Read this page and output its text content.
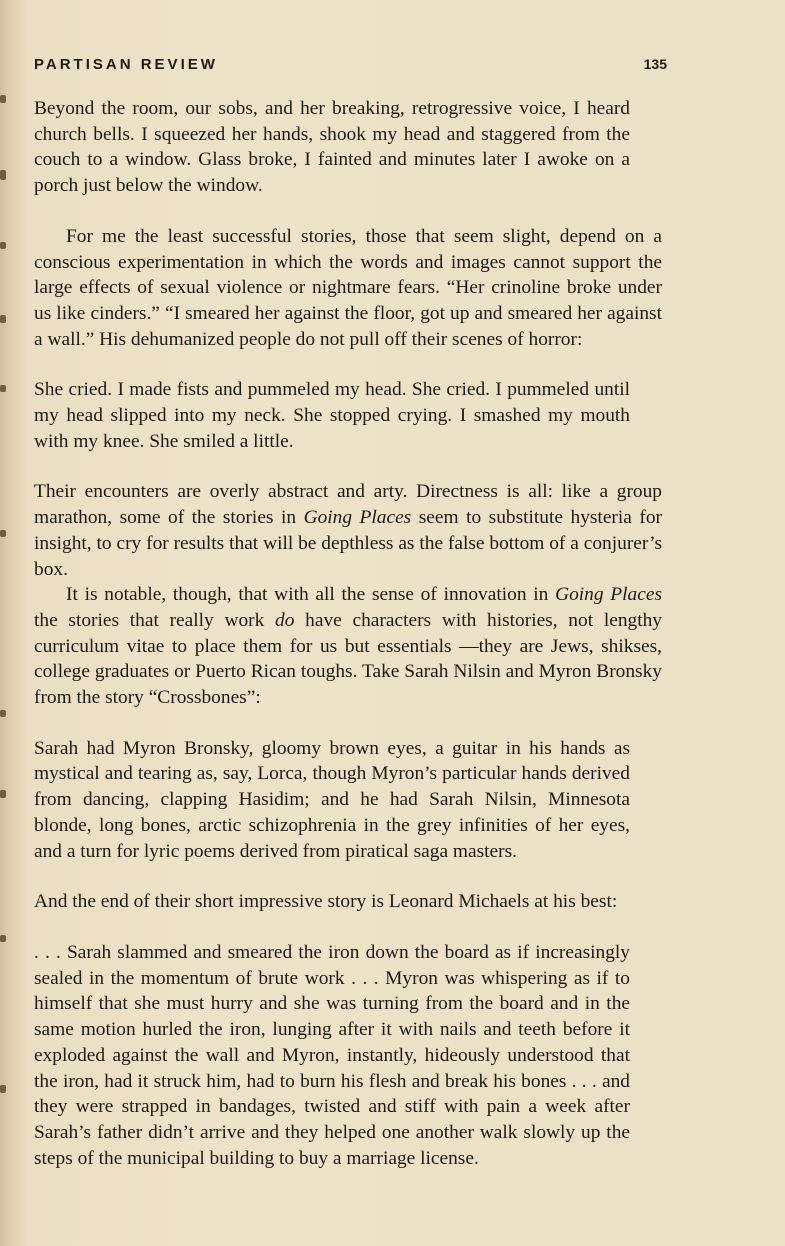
PARTISAN REVIEW	135

Beyond the room, our sobs, and her breaking, retrogressive voice, I heard church bells. I squeezed her hands, shook my head and staggered from the couch to a window. Glass broke, I fainted and minutes later I awoke on a porch just below the window.

For me the least successful stories, those that seem slight, depend on a conscious experimentation in which the words and images cannot support the large effects of sexual violence or nightmare fears. “Her crinoline broke under us like cinders.” “I smeared her against the floor, got up and smeared her against a wall.” His dehumanized people do not pull off their scenes of horror:

She cried. I made fists and pummeled my head. She cried. I pummeled until my head slipped into my neck. She stopped crying. I smashed my mouth with my knee. She smiled a little.

Their encounters are overly abstract and arty. Directness is all: like a group marathon, some of the stories in Going Places seem to substitute hysteria for insight, to cry for results that will be depthless as the false bottom of a conjurer’s box.

It is notable, though, that with all the sense of innovation in Going Places the stories that really work do have characters with histories, not lengthy curriculum vitae to place them for us but essentials —they are Jews, shikses, college graduates or Puerto Rican toughs. Take Sarah Nilsin and Myron Bronsky from the story “Crossbones”:

Sarah had Myron Bronsky, gloomy brown eyes, a guitar in his hands as mystical and tearing as, say, Lorca, though Myron’s particular hands derived from dancing, clapping Hasidim; and he had Sarah Nilsin, Minnesota blonde, long bones, arctic schizophrenia in the grey infinities of her eyes, and a turn for lyric poems derived from piratical saga masters.

And the end of their short impressive story is Leonard Michaels at his best:

. . . Sarah slammed and smeared the iron down the board as if increasingly sealed in the momentum of brute work . . . Myron was whispering as if to himself that she must hurry and she was turning from the board and in the same motion hurled the iron, lunging after it with nails and teeth before it exploded against the wall and Myron, instantly, hideously understood that the iron, had it struck him, had to burn his flesh and break his bones . . . and they were strapped in bandages, twisted and stiff with pain a week after Sarah’s father didn’t arrive and they helped one another walk slowly up the steps of the municipal building to buy a marriage license.
